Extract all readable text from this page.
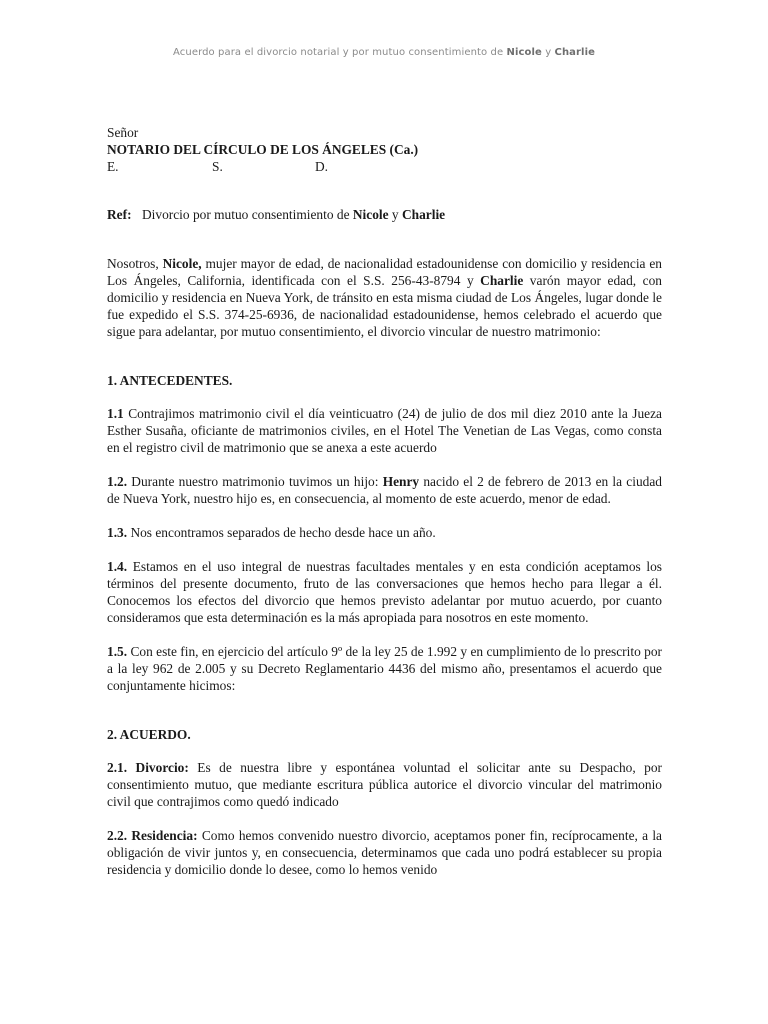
Acuerdo para el divorcio notarial y por mutuo consentimiento de Nicole y Charlie

Señor

NOTARIO DEL CÍRCULO DE LOS ÁNGELES (Ca.)

E.	S.	D.

Ref: Divorcio por mutuo consentimiento de Nicole y Charlie

Nosotros, Nicole, mujer mayor de edad, de nacionalidad estadounidense con domicilio y residencia en Los Ángeles, California, identificada con el S.S. 256-43-8794 y Charlie varón mayor edad, con domicilio y residencia en Nueva York, de tránsito en esta misma ciudad de Los Ángeles, lugar donde le fue expedido el S.S. 374-25-6936, de nacionalidad estadounidense, hemos celebrado el acuerdo que sigue para adelantar, por mutuo consentimiento, el divorcio vincular de nuestro matrimonio:

1. ANTECEDENTES.

1.1 Contrajimos matrimonio civil el día veinticuatro (24) de julio de dos mil diez 2010 ante la Jueza Esther Susaña, oficiante de matrimonios civiles, en el Hotel The Venetian de Las Vegas, como consta en el registro civil de matrimonio que se anexa a este acuerdo

1.2. Durante nuestro matrimonio tuvimos un hijo: Henry nacido el 2 de febrero de 2013 en la ciudad de Nueva York, nuestro hijo es, en consecuencia, al momento de este acuerdo, menor de edad.

1.3. Nos encontramos separados de hecho desde hace un año.

1.4. Estamos en el uso integral de nuestras facultades mentales y en esta condición aceptamos los términos del presente documento, fruto de las conversaciones que hemos hecho para llegar a él. Conocemos los efectos del divorcio que hemos previsto adelantar por mutuo acuerdo, por cuanto consideramos que esta determinación es la más apropiada para nosotros en este momento.

1.5. Con este fin, en ejercicio del artículo 9º de la ley 25 de 1.992 y en cumplimiento de lo prescrito por a la ley 962 de 2.005 y su Decreto Reglamentario 4436 del mismo año, presentamos el acuerdo que conjuntamente hicimos:

2. ACUERDO.

2.1. Divorcio: Es de nuestra libre y espontánea voluntad el solicitar ante su Despacho, por consentimiento mutuo, que mediante escritura pública autorice el divorcio vincular del matrimonio civil que contrajimos como quedó indicado

2.2. Residencia: Como hemos convenido nuestro divorcio, aceptamos poner fin, recíprocamente, a la obligación de vivir juntos y, en consecuencia, determinamos que cada uno podrá establecer su propia residencia y domicilio donde lo desee, como lo hemos venido
